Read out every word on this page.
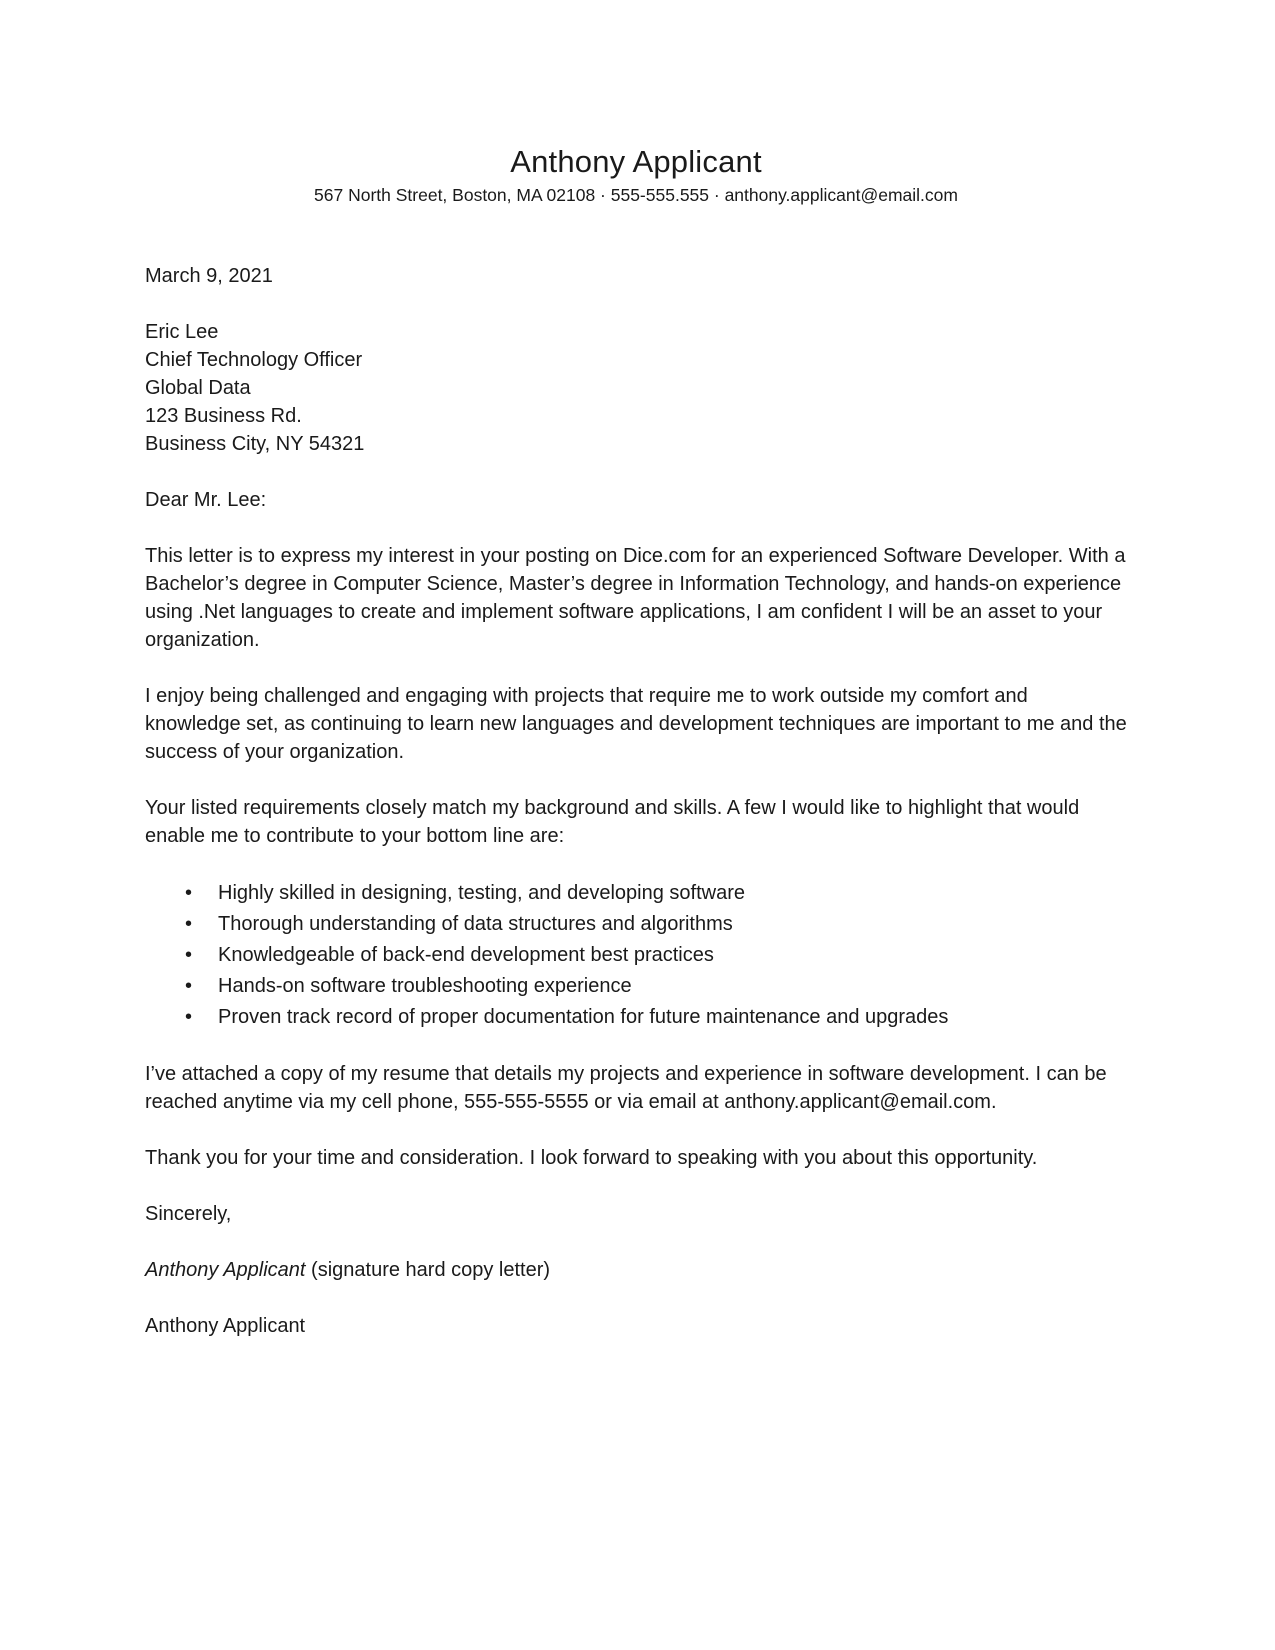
Anthony Applicant
567 North Street, Boston, MA 02108 · 555-555.555 · anthony.applicant@email.com
March 9, 2021
Eric Lee
Chief Technology Officer
Global Data
123 Business Rd.
Business City, NY 54321

Dear Mr. Lee:

This letter is to express my interest in your posting on Dice.com for an experienced Software Developer. With a Bachelor’s degree in Computer Science, Master’s degree in Information Technology, and hands-on experience using .Net languages to create and implement software applications, I am confident I will be an asset to your organization.

I enjoy being challenged and engaging with projects that require me to work outside my comfort and knowledge set, as continuing to learn new languages and development techniques are important to me and the success of your organization.

Your listed requirements closely match my background and skills. A few I would like to highlight that would enable me to contribute to your bottom line are:

• Highly skilled in designing, testing, and developing software
• Thorough understanding of data structures and algorithms
• Knowledgeable of back-end development best practices
• Hands-on software troubleshooting experience
• Proven track record of proper documentation for future maintenance and upgrades

I’ve attached a copy of my resume that details my projects and experience in software development. I can be reached anytime via my cell phone, 555-555-5555 or via email at anthony.applicant@email.com.

Thank you for your time and consideration. I look forward to speaking with you about this opportunity.

Sincerely,

Anthony Applicant (signature hard copy letter)

Anthony Applicant
